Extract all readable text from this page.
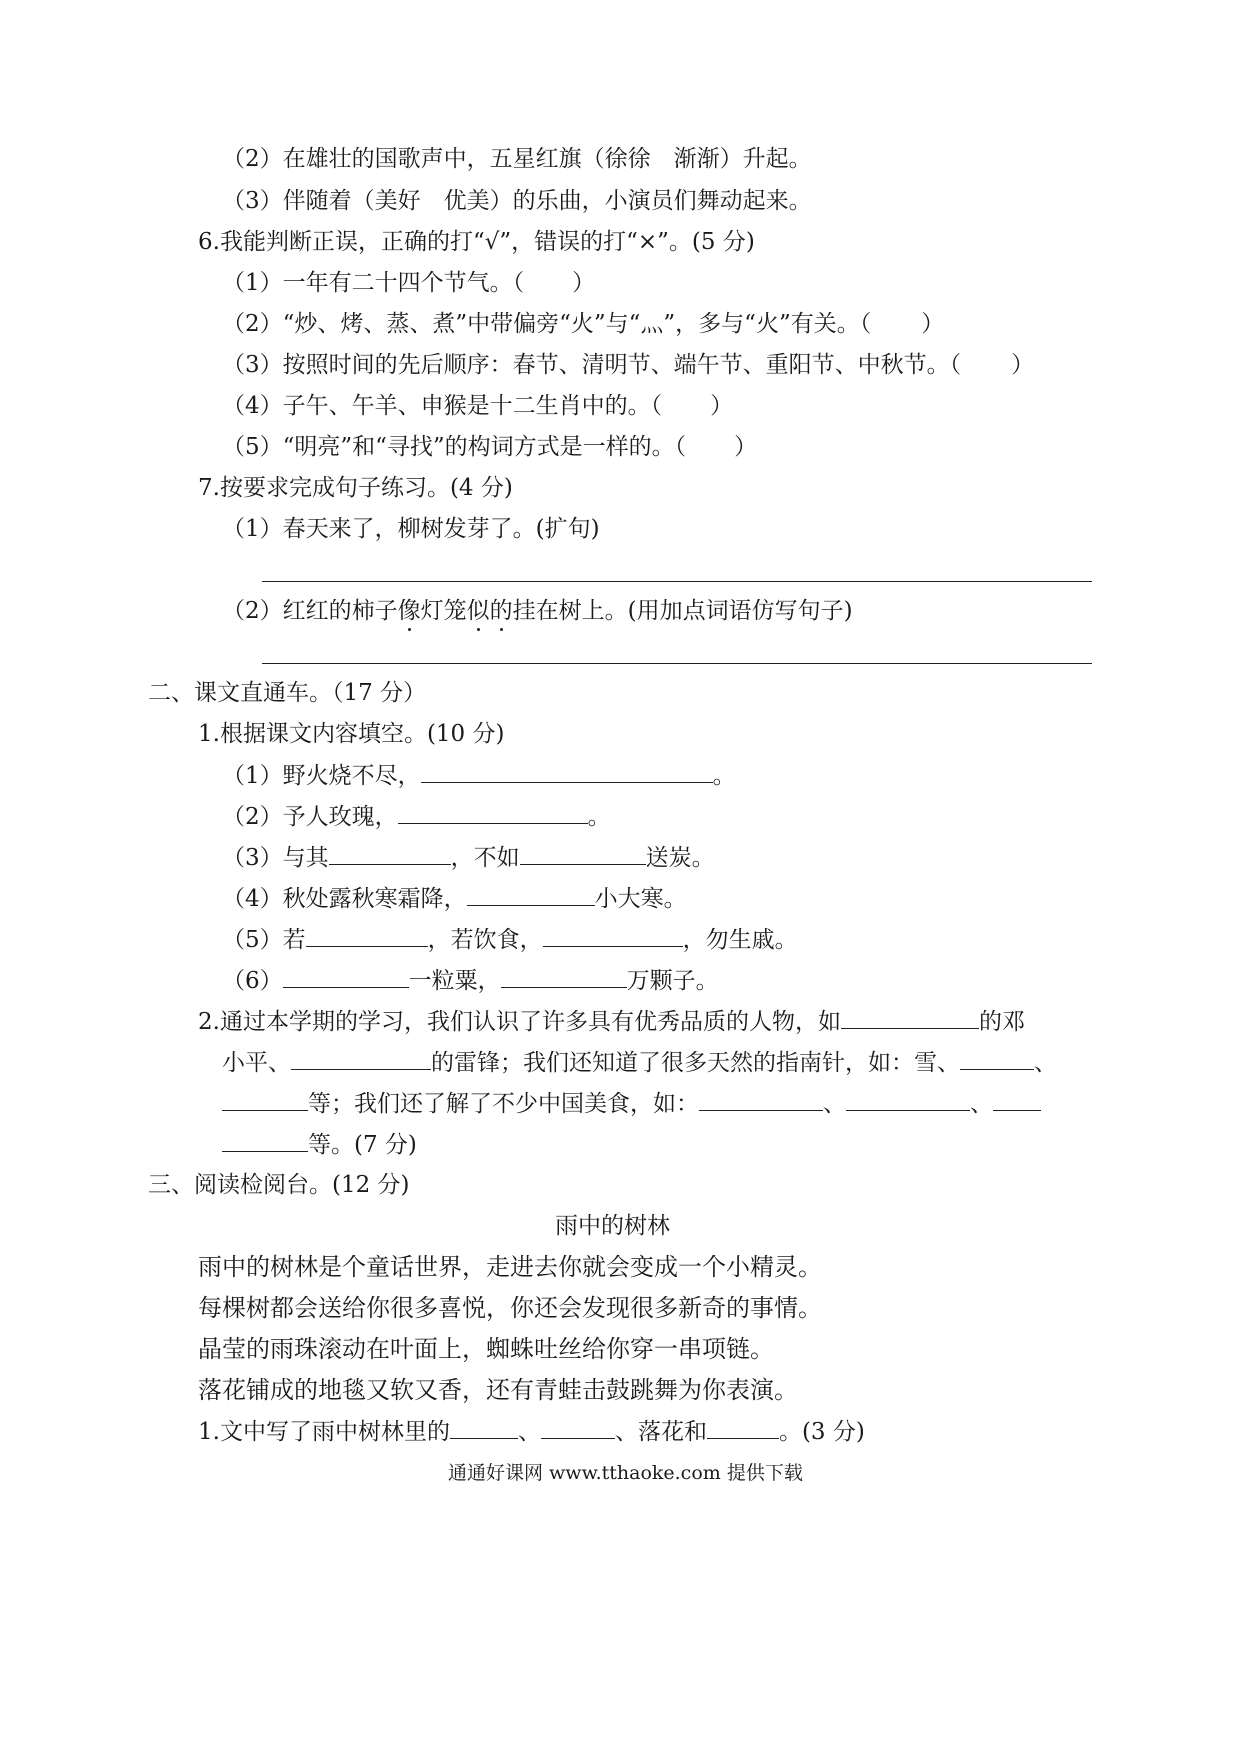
（2）在雄壮的国歌声中，五星红旗（徐徐　渐渐）升起。
（3）伴随着（美好　优美）的乐曲，小演员们舞动起来。
6.我能判断正误，正确的打“√”，错误的打“×”。(5 分)
（1）一年有二十四个节气。（ ）
（2）“炒、烤、蒸、煮”中带偏旁“火”与“灬”，多与“火”有关。（ ）
（3）按照时间的先后顺序：春节、清明节、端午节、重阳节、中秋节。（ ）
（4）子午、午羊、申猴是十二生肖中的。（ ）
（5）“明亮”和“寻找”的构词方式是一样的。（ ）
7.按要求完成句子练习。(4 分)
（1）春天来了，柳树发芽了。(扩句)
（2）红红的柿子像灯笼似的挂在树上。(用加点词语仿写句子)
二、课文直通车。（17 分）
1.根据课文内容填空。(10 分)
（1）野火烧不尽，	。
（2）予人玫瑰，	。
（3）与其	，不如	送炭。
（4）秋处露秋寒霜降，	小大寒。
（5）若	，若饮食，	，勿生戚。
（6）	一粒粟，	万颗子。
2.通过本学期的学习，我们认识了许多具有优秀品质的人物，如	的邓
小平、	的雷锋；我们还知道了很多天然的指南针，如：雪、	、
等；我们还了解了不少中国美食，如：	、	、
等。(7 分)
三、阅读检阅台。(12 分)
雨中的树林
雨中的树林是个童话世界，走进去你就会变成一个小精灵。
每棵树都会送给你很多喜悦，你还会发现很多新奇的事情。
晶莹的雨珠滚动在叶面上，蜘蛛吐丝给你穿一串项链。
落花铺成的地毯又软又香，还有青蛙击鼓跳舞为你表演。
1.文中写了雨中树林里的	、	、落花和	。(3 分)
通通好课网 www.tthaoke.com 提供下载
